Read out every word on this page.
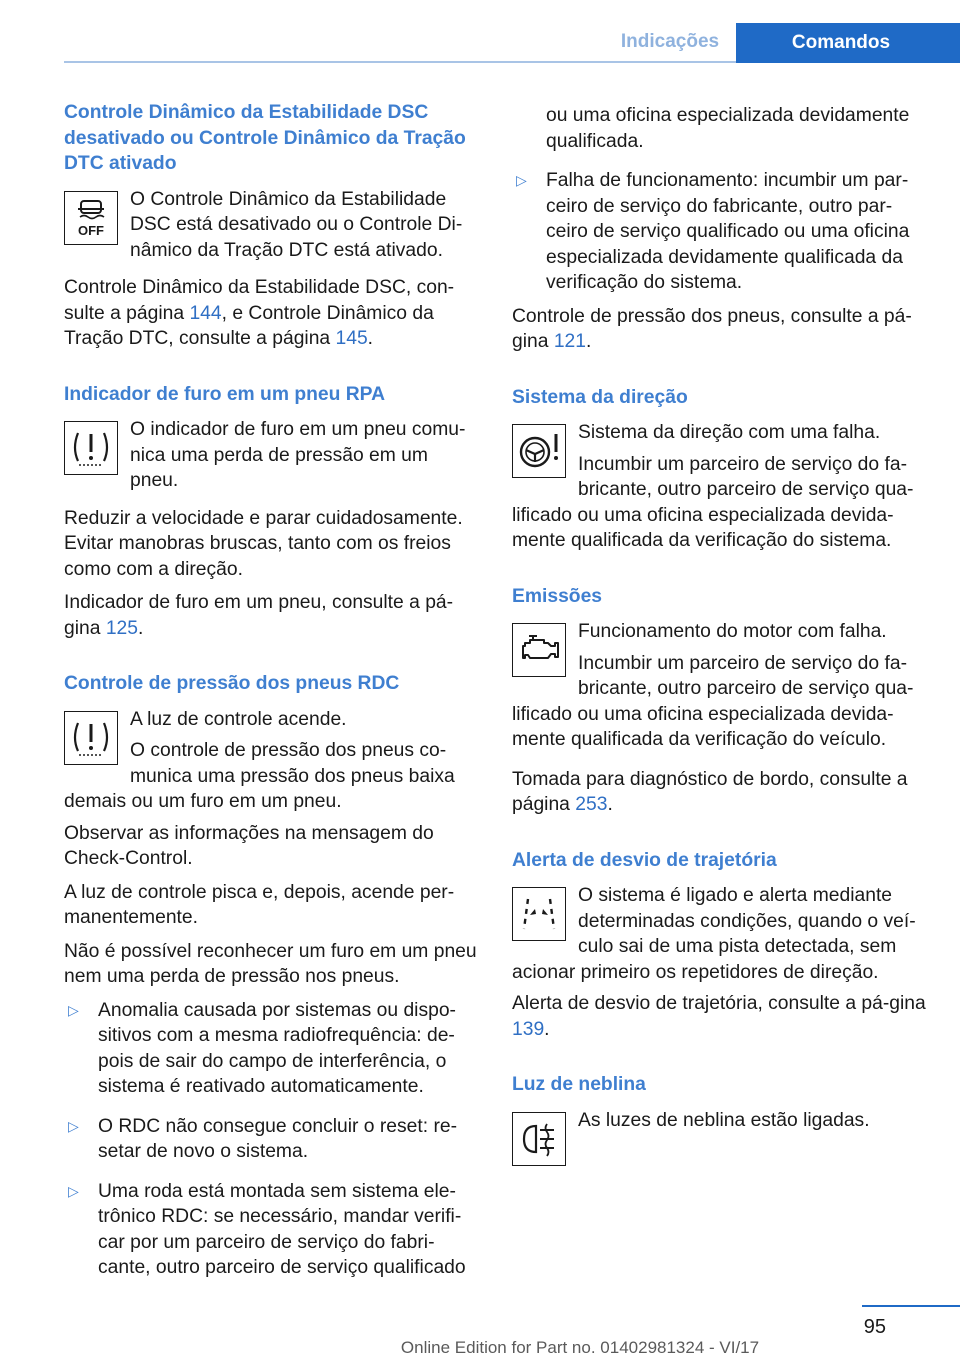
Indicações	Comandos
Controle Dinâmico da Estabilidade DSC desativado ou Controle Dinâmico da Tração DTC ativado
OFF

O Controle Dinâmico da Estabilidade DSC está desativado ou o Controle Di-nâmico da Tração DTC está ativado.

Controle Dinâmico da Estabilidade DSC, con-sulte a página 144, e Controle Dinâmico da Tração DTC, consulte a página 145.

Indicador de furo em um pneu RPA

O indicador de furo em um pneu comu-nica uma perda de pressão em um pneu.

Reduzir a velocidade e parar cuidadosamente. Evitar manobras bruscas, tanto com os freios como com a direção.

Indicador de furo em um pneu, consulte a pá-gina 125.

Controle de pressão dos pneus RDC

A luz de controle acende.

O controle de pressão dos pneus co-munica uma pressão dos pneus baixa demais ou um furo em um pneu.

Observar as informações na mensagem do Check-Control.

A luz de controle pisca e, depois, acende per-manentemente.

Não é possível reconhecer um furo em um pneu nem uma perda de pressão nos pneus.

▷ Anomalia causada por sistemas ou dispo-sitivos com a mesma radiofrequência: de-pois de sair do campo de interferência, o sistema é reativado automaticamente.
▷ O RDC não consegue concluir o reset: re-setar de novo o sistema.
▷ Uma roda está montada sem sistema ele-trônico RDC: se necessário, mandar verifi-car por um parceiro de serviço do fabri-cante, outro parceiro de serviço qualificado

ou uma oficina especializada devidamente qualificada.

▷ Falha de funcionamento: incumbir um par-ceiro de serviço do fabricante, outro par-ceiro de serviço qualificado ou uma oficina especializada devidamente qualificada da verificação do sistema.

Controle de pressão dos pneus, consulte a pá-gina 121.

Sistema da direção

Sistema da direção com uma falha.

Incumbir um parceiro de serviço do fa-bricante, outro parceiro de serviço qua-lificado ou uma oficina especializada devida-mente qualificada da verificação do sistema.

Emissões

Funcionamento do motor com falha.

Incumbir um parceiro de serviço do fa-bricante, outro parceiro de serviço qua-lificado ou uma oficina especializada devida-mente qualificada da verificação do veículo.

Tomada para diagnóstico de bordo, consulte a página 253.

Alerta de desvio de trajetória

O sistema é ligado e alerta mediante determinadas condições, quando o veí-culo sai de uma pista detectada, sem acionar primeiro os repetidores de direção.

Alerta de desvio de trajetória, consulte a pá-gina 139.

Luz de neblina

As luzes de neblina estão ligadas.

95
Online Edition for Part no. 01402981324 - VI/17
